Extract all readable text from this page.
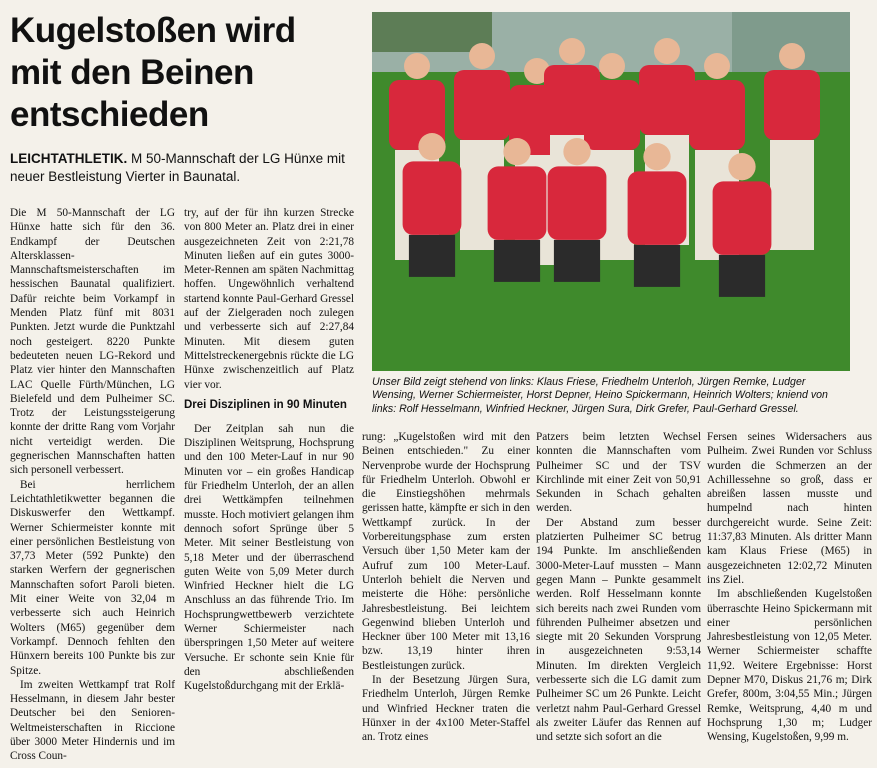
Kugelstoßen wird
mit den Beinen
entschieden
LEICHTATHLETIK. M 50-Mannschaft der LG Hünxe mit neuer Bestleistung Vierter in Baunatal.
Unser Bild zeigt stehend von links: Klaus Friese, Friedhelm Unterloh, Jürgen Remke, Ludger Wensing, Werner Schiermeister, Horst Depner, Heino Spickermann, Heinrich Wolters; kniend von links: Rolf Hesselmann, Winfried Heckner, Jürgen Sura, Dirk Grefer, Paul-Gerhard Gressel.

Die M 50-Mannschaft der LG Hünxe hatte sich für den 36. Endkampf der Deutschen Altersklassen-Mannschaftsmeisterschaften im hessischen Baunatal qualifiziert. Dafür reichte beim Vorkampf in Menden Platz fünf mit 8031 Punkten. Jetzt wurde die Punktzahl noch gesteigert. 8220 Punkte bedeuteten neuen LG-Rekord und Platz vier hinter den Mannschaften LAC Quelle Fürth/München, LG Bielefeld und dem Pulheimer SC. Trotz der Leistungssteigerung konnte der dritte Rang vom Vorjahr nicht verteidigt werden. Die gegnerischen Mannschaften hatten sich personell verbessert.

Bei herrlichem Leichtathletikwetter begannen die Diskuswerfer den Wettkampf. Werner Schiermeister konnte mit einer persönlichen Bestleistung von 37,73 Meter (592 Punkte) den starken Werfern der gegnerischen Mannschaften sofort Paroli bieten. Mit einer Weite von 32,04 m verbesserte sich auch Heinrich Wolters (M65) gegenüber dem Vorkampf. Dennoch fehlten den Hünxern bereits 100 Punkte bis zur Spitze.

Im zweiten Wettkampf trat Rolf Hesselmann, in diesem Jahr bester Deutscher bei den Senioren-Weltmeisterschaften in Riccione über 3000 Meter Hindernis und im Cross Coun-

try, auf der für ihn kurzen Strecke von 800 Meter an. Platz drei in einer ausgezeichneten Zeit von 2:21,78 Minuten ließen auf ein gutes 3000-Meter-Rennen am späten Nachmittag hoffen. Ungewöhnlich verhaltend startend konnte Paul-Gerhard Gressel auf der Zielgeraden noch zulegen und verbesserte sich auf 2:27,84 Minuten. Mit diesem guten Mittelstreckenergebnis rückte die LG Hünxe zwischenzeitlich auf Platz vier vor.

Drei Disziplinen in 90 Minuten

Der Zeitplan sah nun die Disziplinen Weitsprung, Hochsprung und den 100 Meter-Lauf in nur 90 Minuten vor – ein großes Handicap für Friedhelm Unterloh, der an allen drei Wettkämpfen teilnehmen musste. Hoch motiviert gelangen ihm dennoch sofort Sprünge über 5 Meter. Mit seiner Bestleistung von 5,18 Meter und der überraschend guten Weite von 5,09 Meter durch Winfried Heckner hielt die LG Anschluss an das führende Trio. Im Hochsprungwettbewerb verzichtete Werner Schiermeister nach überspringen 1,50 Meter auf weitere Versuche. Er schonte sein Knie für den abschließenden Kugelstoßdurchgang mit der Erklä-

rung: „Kugelstoßen wird mit den Beinen entschieden." Zu einer Nervenprobe wurde der Hochsprung für Friedhelm Unterloh. Obwohl er die Einstiegshöhen mehrmals gerissen hatte, kämpfte er sich in den Wettkampf zurück. In der Vorbereitungsphase zum ersten Versuch über 1,50 Meter kam der Aufruf zum 100 Meter-Lauf. Unterloh behielt die Nerven und meisterte die Höhe: persönliche Jahresbestleistung. Bei leichtem Gegenwind blieben Unterloh und Heckner über 100 Meter mit 13,16 bzw. 13,19 hinter ihren Bestleistungen zurück.

In der Besetzung Jürgen Sura, Friedhelm Unterloh, Jürgen Remke und Winfried Heckner traten die Hünxer in der 4x100 Meter-Staffel an. Trotz eines

Patzers beim letzten Wechsel konnten die Mannschaften vom Pulheimer SC und der TSV Kirchlinde mit einer Zeit von 50,91 Sekunden in Schach gehalten werden.

Der Abstand zum besser platzierten Pulheimer SC betrug 194 Punkte. Im anschließenden 3000-Meter-Lauf mussten – Mann gegen Mann – Punkte gesammelt werden. Rolf Hesselmann konnte sich bereits nach zwei Runden vom führenden Pulheimer absetzen und siegte mit 20 Sekunden Vorsprung in ausgezeichneten 9:53,14 Minuten. Im direkten Vergleich verbesserte sich die LG damit zum Pulheimer SC um 26 Punkte. Leicht verletzt nahm Paul-Gerhard Gressel als zweiter Läufer das Rennen auf und setzte sich sofort an die

Fersen seines Widersachers aus Pulheim. Zwei Runden vor Schluss wurden die Schmerzen an der Achillessehne so groß, dass er abreißen lassen musste und humpelnd nach hinten durchgereicht wurde. Seine Zeit: 11:37,83 Minuten. Als dritter Mann kam Klaus Friese (M65) in ausgezeichneten 12:02,72 Minuten ins Ziel.

Im abschließenden Kugelstoßen überraschte Heino Spickermann mit einer persönlichen Jahresbestleistung von 12,05 Meter. Werner Schiermeister schaffte 11,92. Weitere Ergebnisse: Horst Depner M70, Diskus 21,76 m; Dirk Grefer, 800m, 3:04,55 Min.; Jürgen Remke, Weitsprung, 4,40 m und Hochsprung 1,30 m; Ludger Wensing, Kugelstoßen, 9,99 m.
